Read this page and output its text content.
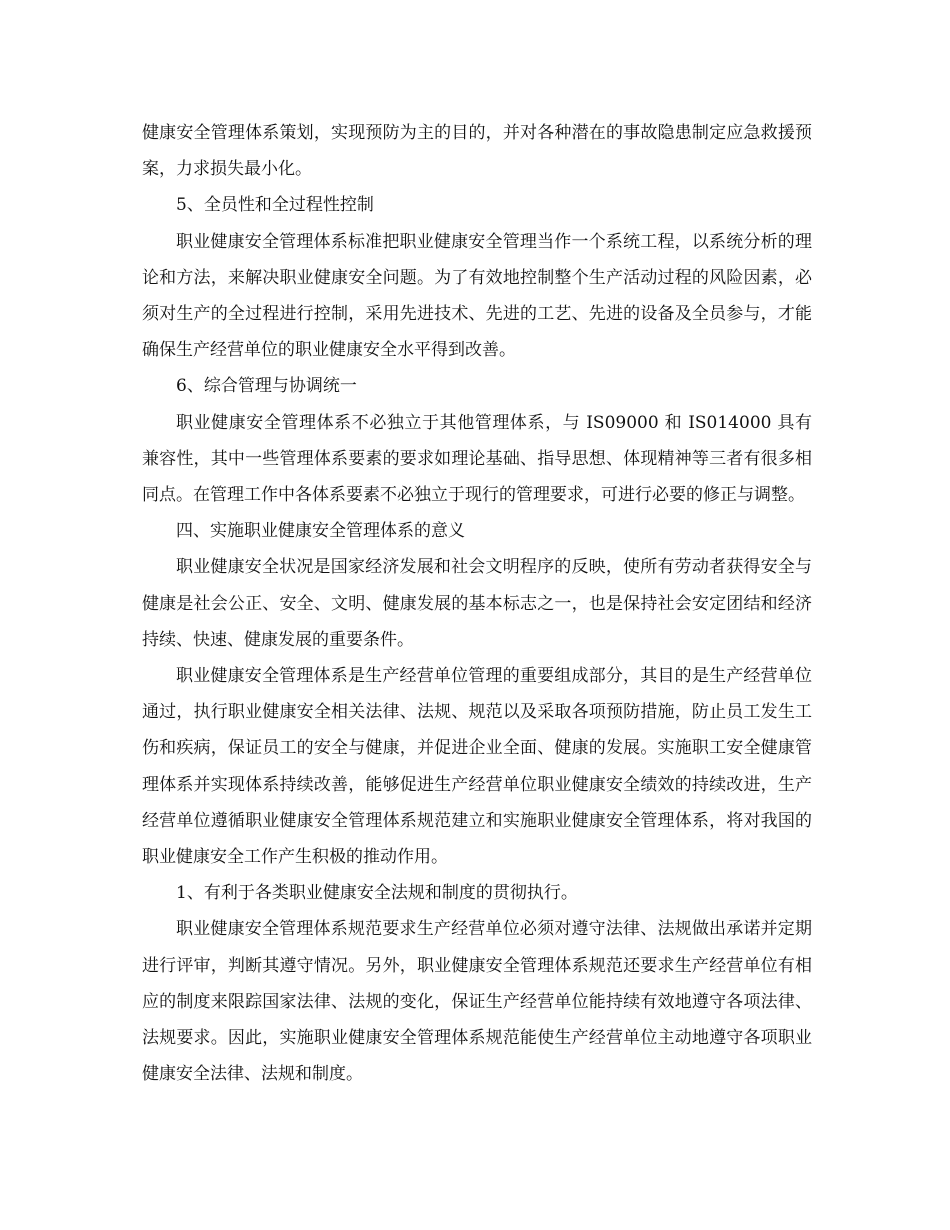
健康安全管理体系策划，实现预防为主的目的，并对各种潜在的事故隐患制定应急救援预案，力求损失最小化。

5、全员性和全过程性控制

职业健康安全管理体系标准把职业健康安全管理当作一个系统工程，以系统分析的理论和方法，来解决职业健康安全问题。为了有效地控制整个生产活动过程的风险因素，必须对生产的全过程进行控制，采用先进技术、先进的工艺、先进的设备及全员参与，才能确保生产经营单位的职业健康安全水平得到改善。

6、综合管理与协调统一

职业健康安全管理体系不必独立于其他管理体系，与 IS09000 和 IS014000 具有兼容性，其中一些管理体系要素的要求如理论基础、指导思想、体现精神等三者有很多相同点。在管理工作中各体系要素不必独立于现行的管理要求，可进行必要的修正与调整。

四、实施职业健康安全管理体系的意义

职业健康安全状况是国家经济发展和社会文明程序的反映，使所有劳动者获得安全与健康是社会公正、安全、文明、健康发展的基本标志之一，也是保持社会安定团结和经济持续、快速、健康发展的重要条件。

职业健康安全管理体系是生产经营单位管理的重要组成部分，其目的是生产经营单位通过，执行职业健康安全相关法律、法规、规范以及采取各项预防措施，防止员工发生工伤和疾病，保证员工的安全与健康，并促进企业全面、健康的发展。实施职工安全健康管理体系并实现体系持续改善，能够促进生产经营单位职业健康安全绩效的持续改进，生产经营单位遵循职业健康安全管理体系规范建立和实施职业健康安全管理体系，将对我国的职业健康安全工作产生积极的推动作用。

1、有利于各类职业健康安全法规和制度的贯彻执行。

职业健康安全管理体系规范要求生产经营单位必须对遵守法律、法规做出承诺并定期进行评审，判断其遵守情况。另外，职业健康安全管理体系规范还要求生产经营单位有相应的制度来限踪国家法律、法规的变化，保证生产经营单位能持续有效地遵守各项法律、法规要求。因此，实施职业健康安全管理体系规范能使生产经营单位主动地遵守各项职业健康安全法律、法规和制度。
